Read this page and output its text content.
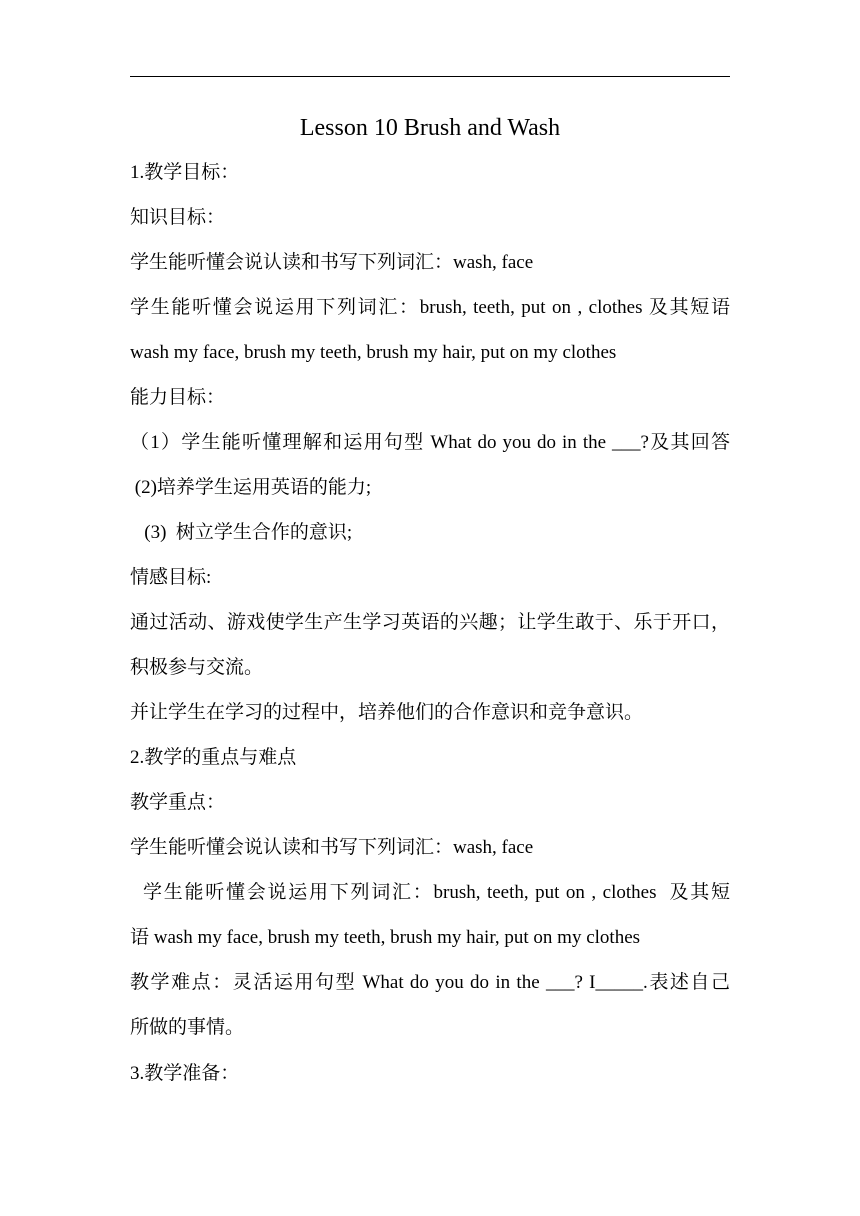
Lesson 10 Brush and Wash
1.教学目标：
知识目标：
学生能听懂会说认读和书写下列词汇：wash, face
学生能听懂会说运用下列词汇：brush, teeth, put on , clothes 及其短语
wash my face, brush my teeth, brush my hair, put on my clothes
能力目标：
（1）学生能听懂理解和运用句型 What do you do in the ___?及其回答
(2)培养学生运用英语的能力;
(3)  树立学生合作的意识;
情感目标:
通过活动、游戏使学生产生学习英语的兴趣；让学生敢于、乐于开口，
积极参与交流。
并让学生在学习的过程中，培养他们的合作意识和竞争意识。
2.教学的重点与难点
教学重点：
学生能听懂会说认读和书写下列词汇：wash, face
学生能听懂会说运用下列词汇：brush, teeth, put on , clothes  及其短
语 wash my face, brush my teeth, brush my hair, put on my clothes
教学难点：灵活运用句型 What do you do in the ___? I_____.表述自己
所做的事情。
3.教学准备：
